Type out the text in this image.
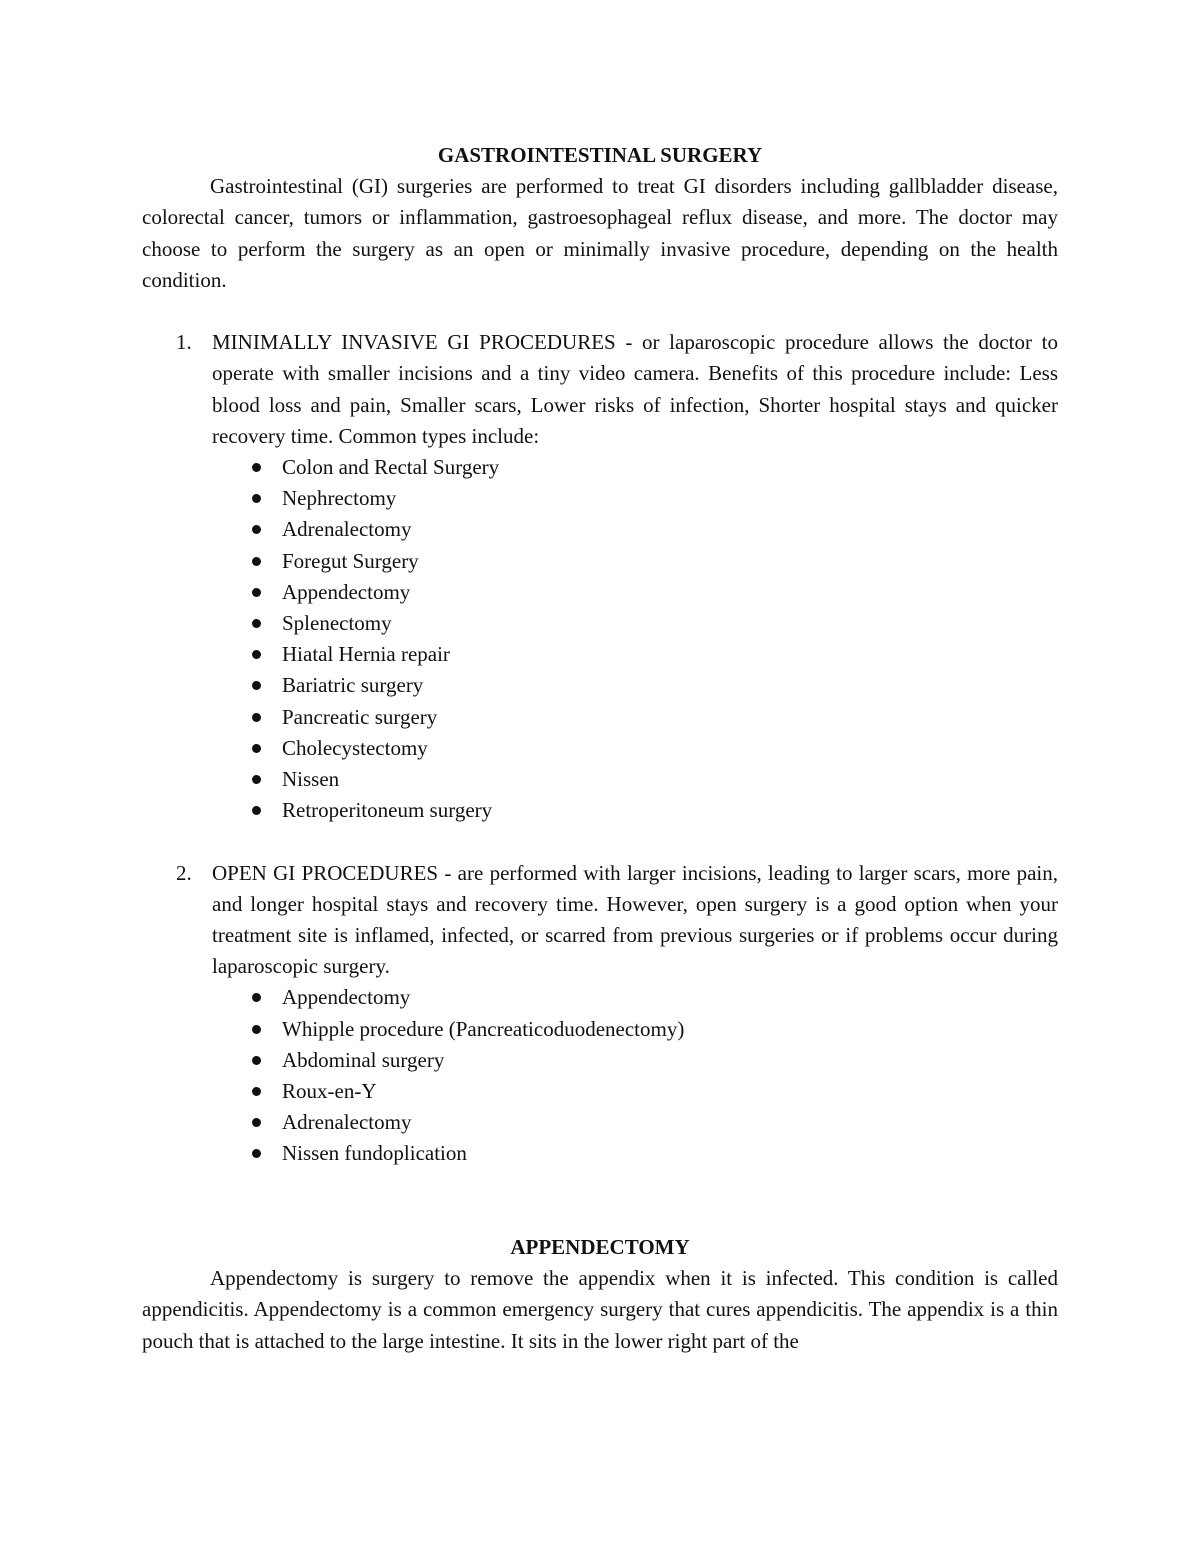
GASTROINTESTINAL SURGERY

Gastrointestinal (GI) surgeries are performed to treat GI disorders including gallbladder disease, colorectal cancer, tumors or inflammation, gastroesophageal reflux disease, and more. The doctor may choose to perform the surgery as an open or minimally invasive procedure, depending on the health condition.

1. MINIMALLY INVASIVE GI PROCEDURES - or laparoscopic procedure allows the doctor to operate with smaller incisions and a tiny video camera. Benefits of this procedure include: Less blood loss and pain, Smaller scars, Lower risks of infection, Shorter hospital stays and quicker recovery time. Common types include:

Colon and Rectal Surgery
Nephrectomy
Adrenalectomy
Foregut Surgery
Appendectomy
Splenectomy
Hiatal Hernia repair
Bariatric surgery
Pancreatic surgery
Cholecystectomy
Nissen
Retroperitoneum surgery
2. OPEN GI PROCEDURES - are performed with larger incisions, leading to larger scars, more pain, and longer hospital stays and recovery time. However, open surgery is a good option when your treatment site is inflamed, infected, or scarred from previous surgeries or if problems occur during laparoscopic surgery.

Appendectomy
Whipple procedure (Pancreaticoduodenectomy)
Abdominal surgery
Roux-en-Y
Adrenalectomy
Nissen fundoplication
APPENDECTOMY

Appendectomy is surgery to remove the appendix when it is infected. This condition is called appendicitis. Appendectomy is a common emergency surgery that cures appendicitis. The appendix is a thin pouch that is attached to the large intestine. It sits in the lower right part of the
